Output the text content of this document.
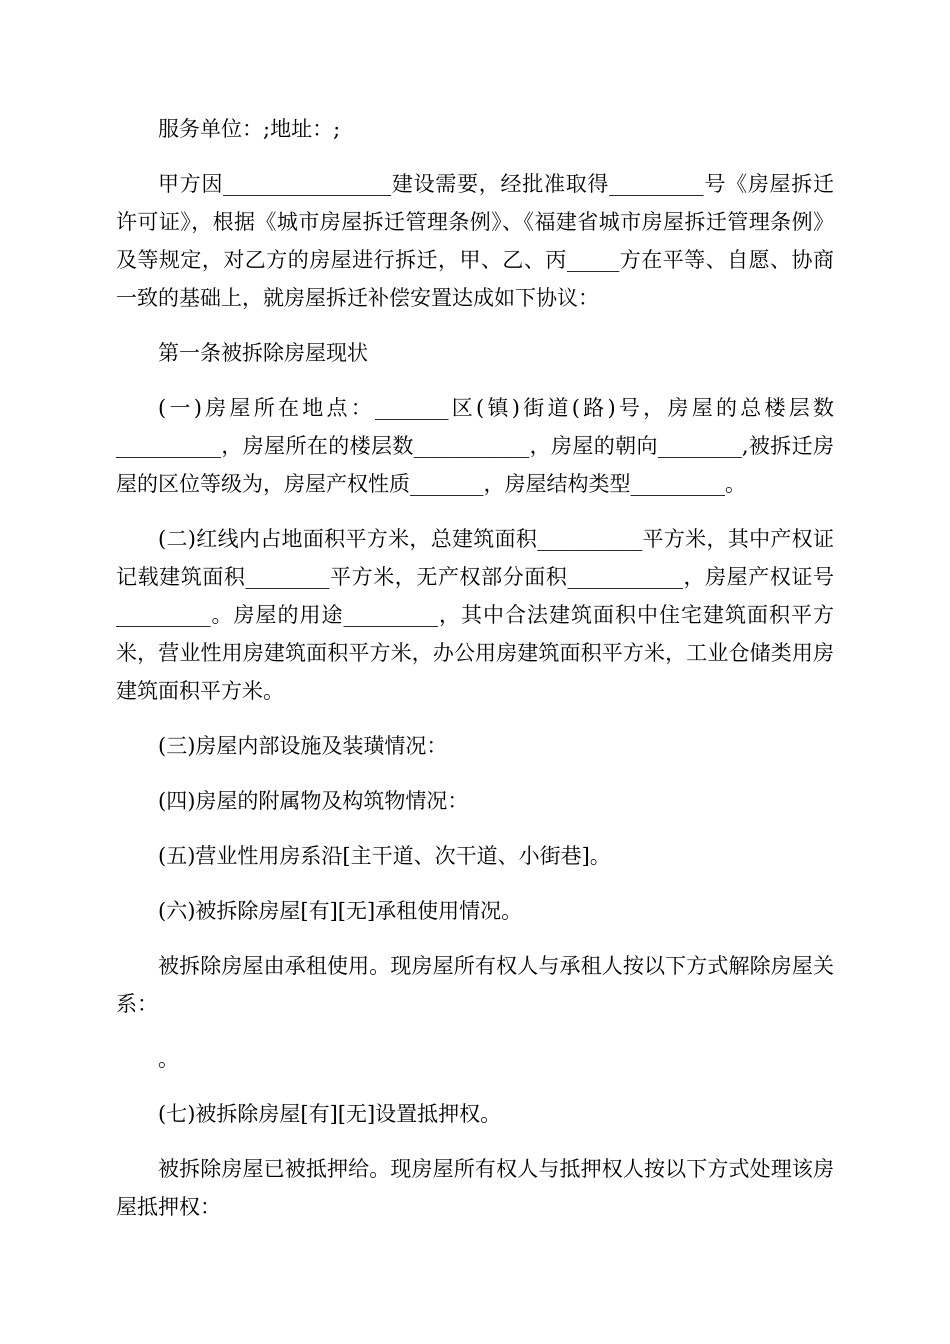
服务单位：;地址：;

甲方因________________建设需要，经批准取得_________号《房屋拆迁许可证》，根据《城市房屋拆迁管理条例》、《福建省城市房屋拆迁管理条例》及等规定，对乙方的房屋进行拆迁，甲、乙、丙_____方在平等、自愿、协商一致的基础上，就房屋拆迁补偿安置达成如下协议：

第一条被拆除房屋现状

(一)房屋所在地点：_______区(镇)街道(路)号，房屋的总楼层数__________，房屋所在的楼层数___________，房屋的朝向________,被拆迁房屋的区位等级为，房屋产权性质_______，房屋结构类型_________。

(二)红线内占地面积平方米，总建筑面积__________平方米，其中产权证记载建筑面积________平方米，无产权部分面积___________，房屋产权证号_________。房屋的用途_________，其中合法建筑面积中住宅建筑面积平方米，营业性用房建筑面积平方米，办公用房建筑面积平方米，工业仓储类用房建筑面积平方米。

(三)房屋内部设施及装璜情况：

(四)房屋的附属物及构筑物情况：

(五)营业性用房系沿[主干道、次干道、小街巷]。

(六)被拆除房屋[有][无]承租使用情况。

被拆除房屋由承租使用。现房屋所有权人与承租人按以下方式解除房屋关系：

。

(七)被拆除房屋[有][无]设置抵押权。

被拆除房屋已被抵押给。现房屋所有权人与抵押权人按以下方式处理该房屋抵押权：
